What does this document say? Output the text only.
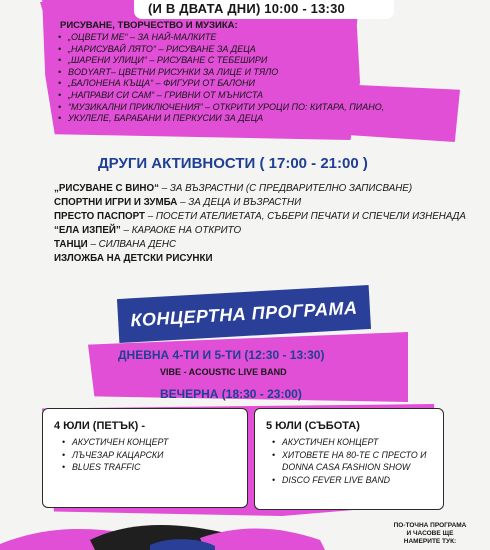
(И В ДВАТА ДНИ) 10:00 - 13:30
РИСУВАНЕ, ТВОРЧЕСТВО И МУЗИКА:
• „ОЦВЕТИ МЕ“ – ЗА НАЙ-МАЛКИТЕ
• „НАРИСУВАЙ ЛЯТО“ – РИСУВАНЕ ЗА ДЕЦА
• „ШАРЕНИ УЛИЦИ“ – РИСУВАНЕ С ТЕБЕШИРИ
• BODYART– ЦВЕТНИ РИСУНКИ ЗА ЛИЦЕ И ТЯЛО
• „БАЛОНЕНА КЪЩА“ – ФИГУРИ ОТ БАЛОНИ
• „НАПРАВИ СИ САМ“ – ГРИВНИ ОТ МЪНИСТА
• “МУЗИКАЛНИ ПРИКЛЮЧЕНИЯ” – ОТКРИТИ УРОЦИ ПО: КИТАРА, ПИАНО,
• УКУЛЕЛЕ, БАРАБАНИ И ПЕРКУСИИ ЗА ДЕЦА
ДРУГИ АКТИВНОСТИ ( 17:00 - 21:00 )
„РИСУВАНЕ С ВИНО“ – ЗА ВЪЗРАСТНИ (С ПРЕДВАРИТЕЛНО ЗАПИСВАНЕ)
СПОРТНИ ИГРИ И ЗУМБА – ЗА ДЕЦА И ВЪЗРАСТНИ
ПРЕСТО ПАСПОРТ – ПОСЕТИ АТЕЛИЕТАТА, СЪБЕРИ ПЕЧАТИ И СПЕЧЕЛИ ИЗНЕНАДА
“ЕЛА ИЗПЕЙ” – КАРАОКЕ НА ОТКРИТО
ТАНЦИ – СИЛВАНА ДЕНС
ИЗЛОЖБА НА ДЕТСКИ РИСУНКИ
КОНЦЕРТНА ПРОГРАМА
ДНЕВНА 4-ТИ И 5-ТИ (12:30 - 13:30)
VIBE - ACOUSTIC LIVE BAND
ВЕЧЕРНА (18:30 - 23:00)
4 ЮЛИ (ПЕТЪК) -
• АКУСТИЧЕН КОНЦЕРТ
• ЛЪЧЕЗАР КАЦАРСКИ
• BLUES TRAFFIC
5 ЮЛИ (СЪБОТА)
• АКУСТИЧЕН КОНЦЕРТ
• ХИТОВЕТЕ НА 80-ТЕ С ПРЕСТО И
DONNA CASA FASHION SHOW
• DISCO FEVER LIVE BAND
ПО-ТОЧНА ПРОГРАМА
И ЧАСОВЕ ЩЕ
НАМЕРИТЕ ТУК:
